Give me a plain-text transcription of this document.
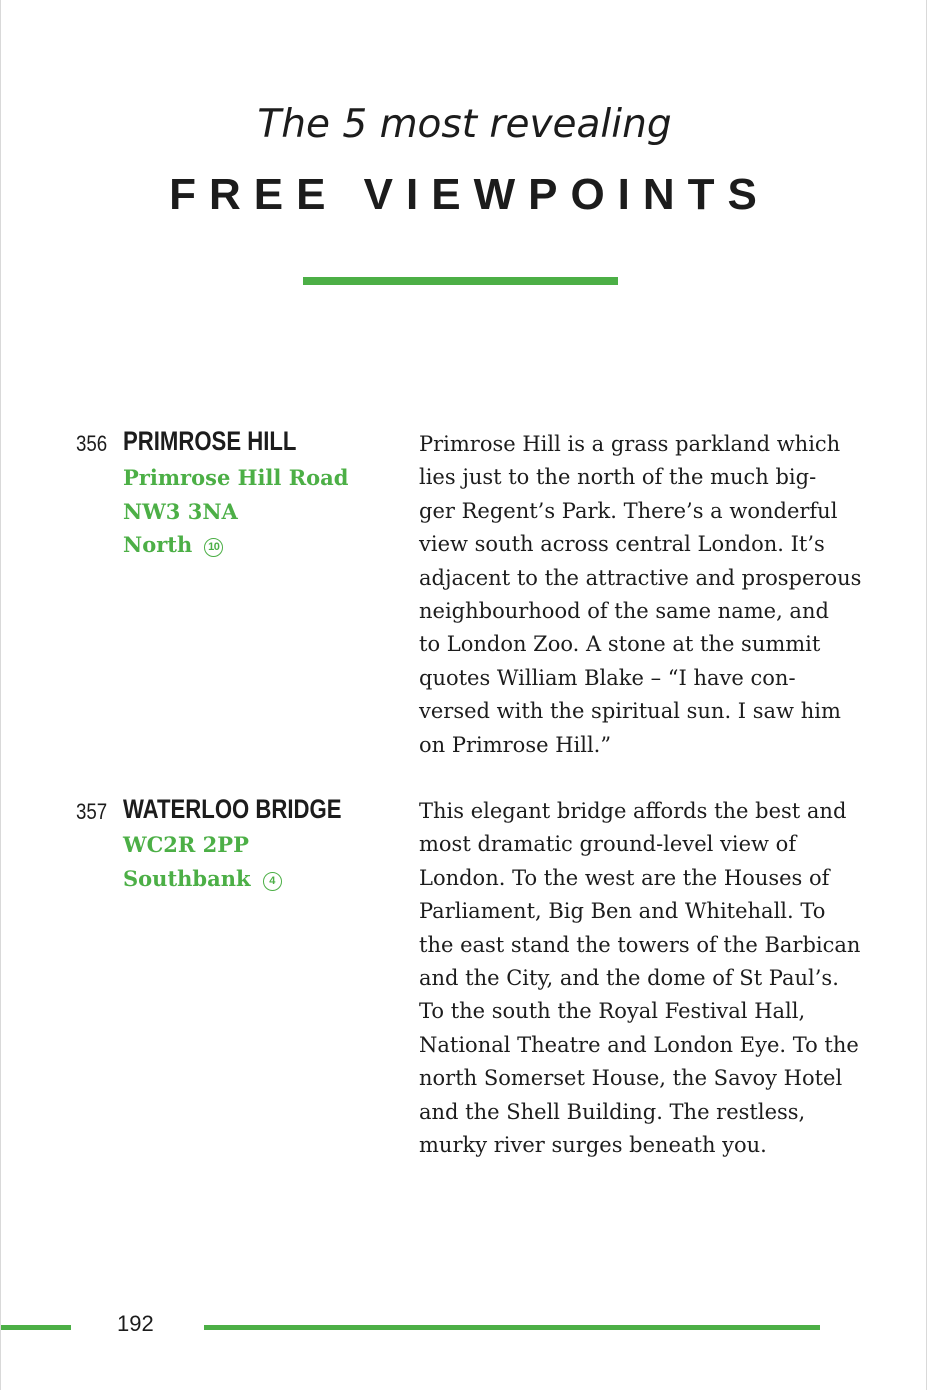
The 5 most revealing
FREE VIEWPOINTS
356 PRIMROSE HILL
Primrose Hill Road
NW3 3NA
North 10
Primrose Hill is a grass parkland which
lies just to the north of the much big-
ger Regent’s Park. There’s a wonderful
view south across central London. It’s
adjacent to the attractive and prosperous
neighbourhood of the same name, and
to London Zoo. A stone at the summit
quotes William Blake – “I have con-
versed with the spiritual sun. I saw him
on Primrose Hill.”
357 WATERLOO BRIDGE
WC2R 2PP
Southbank 4
This elegant bridge affords the best and
most dramatic ground-level view of
London. To the west are the Houses of
Parliament, Big Ben and Whitehall. To
the east stand the towers of the Barbican
and the City, and the dome of St Paul’s.
To the south the Royal Festival Hall,
National Theatre and London Eye. To the
north Somerset House, the Savoy Hotel
and the Shell Building. The restless,
murky river surges beneath you.
192
